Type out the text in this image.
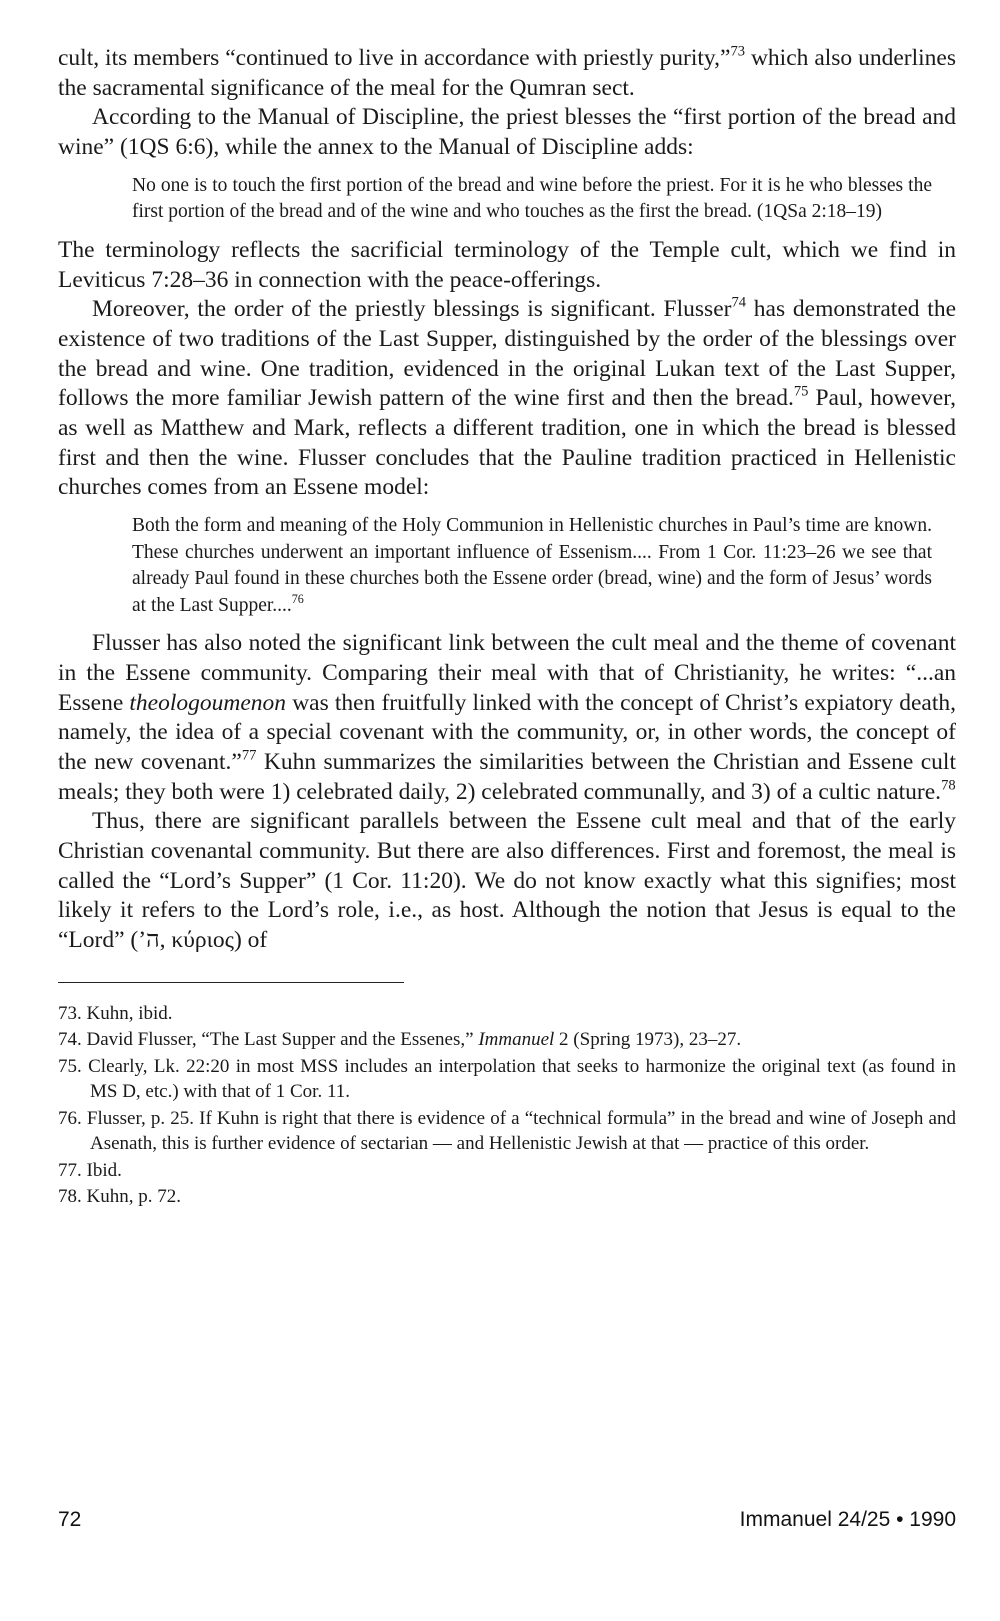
cult, its members “continued to live in accordance with priestly purity,”$^{73}$ which also underlines the sacramental significance of the meal for the Qumran sect.

According to the Manual of Discipline, the priest blesses the “first portion of the bread and wine” (1QS 6:6), while the annex to the Manual of Discipline adds:

No one is to touch the first portion of the bread and wine before the priest. For it is he who blesses the first portion of the bread and of the wine and who touches as the first the bread. (1QSa 2:18–19)

The terminology reflects the sacrificial terminology of the Temple cult, which we find in Leviticus 7:28–36 in connection with the peace-offerings.

Moreover, the order of the priestly blessings is significant. Flusser$^{74}$ has demonstrated the existence of two traditions of the Last Supper, distinguished by the order of the blessings over the bread and wine. One tradition, evidenced in the original Lukan text of the Last Supper, follows the more familiar Jewish pattern of the wine first and then the bread.$^{75}$ Paul, however, as well as Matthew and Mark, reflects a different tradition, one in which the bread is blessed first and then the wine. Flusser concludes that the Pauline tradition practiced in Hellenistic churches comes from an Essene model:

Both the form and meaning of the Holy Communion in Hellenistic churches in Paul’s time are known. These churches underwent an important influence of Essenism.... From 1 Cor. 11:23–26 we see that already Paul found in these churches both the Essene order (bread, wine) and the form of Jesus’ words at the Last Supper....$^{76}$

Flusser has also noted the significant link between the cult meal and the theme of covenant in the Essene community. Comparing their meal with that of Christianity, he writes: “...an Essene theologoumenon was then fruitfully linked with the concept of Christ’s expiatory death, namely, the idea of a special covenant with the community, or, in other words, the concept of the new covenant.”$^{77}$ Kuhn summarizes the similarities between the Christian and Essene cult meals; they both were 1) celebrated daily, 2) celebrated communally, and 3) of a cultic nature.$^{78}$

Thus, there are significant parallels between the Essene cult meal and that of the early Christian covenantal community. But there are also differences. First and foremost, the meal is called the “Lord’s Supper” (1 Cor. 11:20). We do not know exactly what this signifies; most likely it refers to the Lord’s role, i.e., as host. Although the notion that Jesus is equal to the “Lord” (’ה, κύριος) of

73. Kuhn, ibid.

74. David Flusser, “The Last Supper and the Essenes,” Immanuel 2 (Spring 1973), 23–27.

75. Clearly, Lk. 22:20 in most MSS includes an interpolation that seeks to harmonize the original text (as found in MS D, etc.) with that of 1 Cor. 11.

76. Flusser, p. 25. If Kuhn is right that there is evidence of a “technical formula” in the bread and wine of Joseph and Asenath, this is further evidence of sectarian — and Hellenistic Jewish at that — practice of this order.

77. Ibid.

78. Kuhn, p. 72.

72	Immanuel 24/25 • 1990
